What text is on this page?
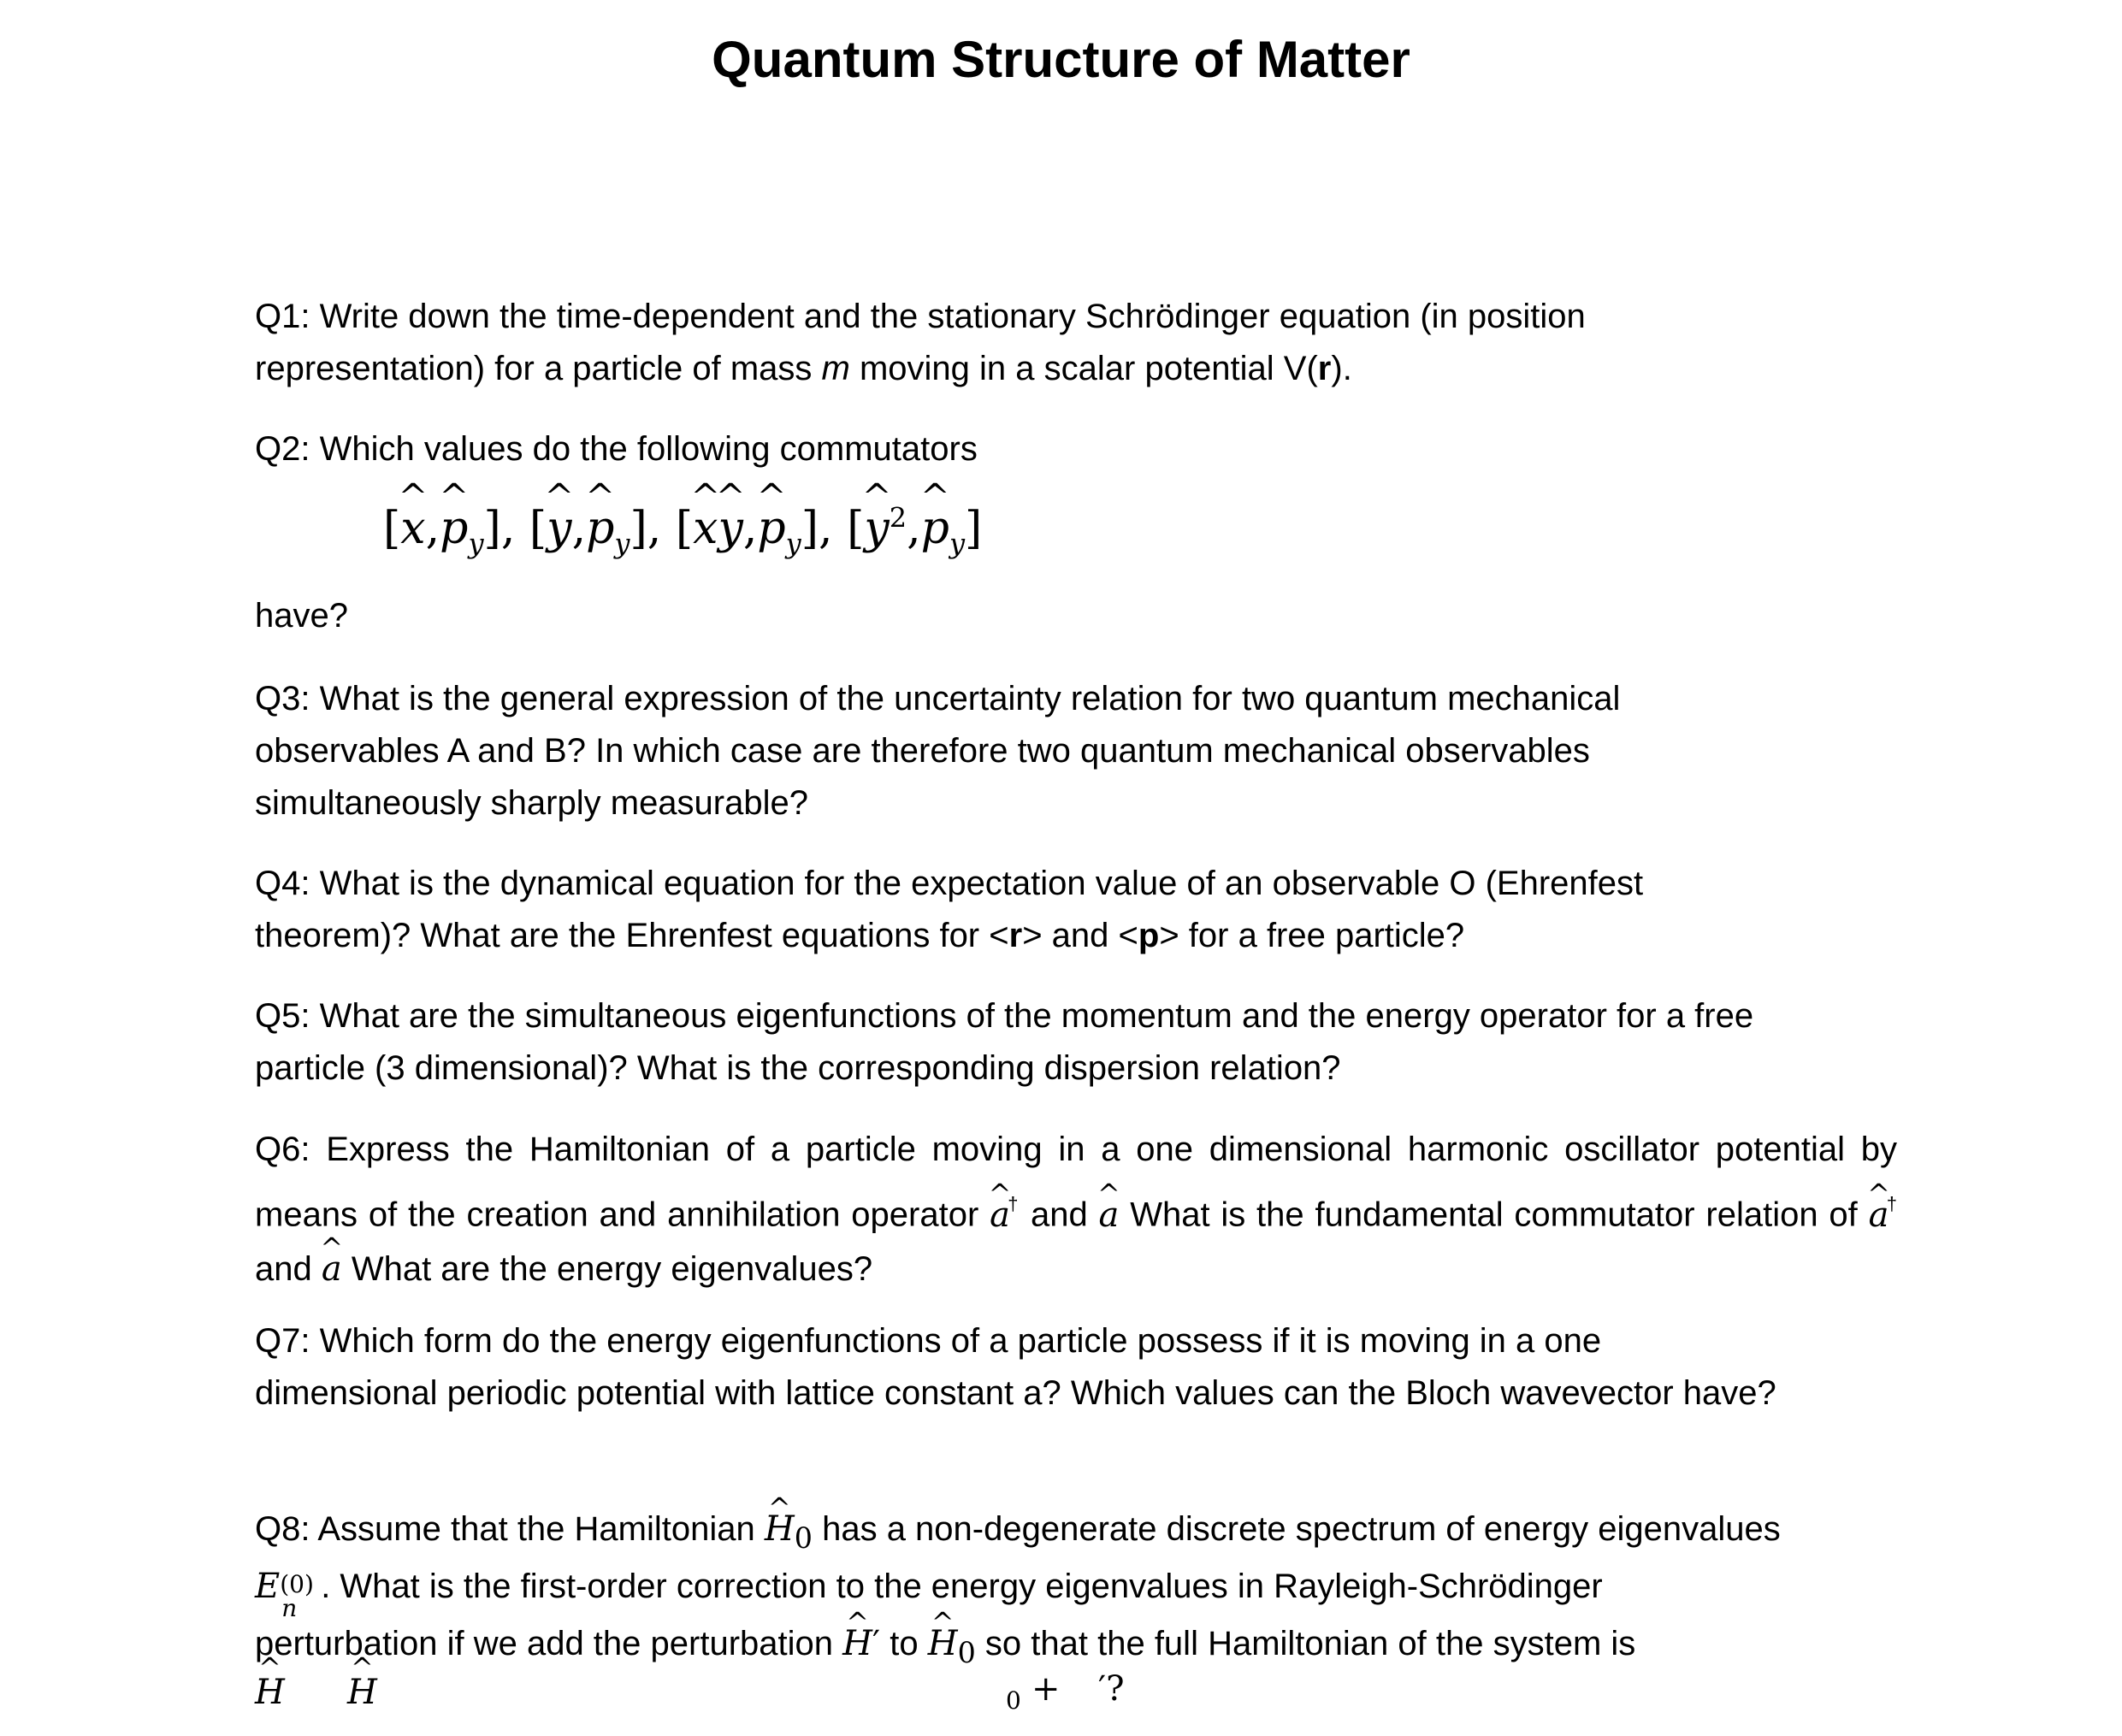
Quantum Structure of Matter

Q1: Write down the time-dependent and the stationary Schrödinger equation (in position
representation) for a particle of mass m moving in a scalar potential V(r).

Q2: Which values do the following commutators

[^ x,^ $p_y$], [^ y,^ $p_y$], [^ x^ y,^ $p_y$], [^ $y^2,\^{}$ $p_y$]

have?

Q3: What is the general expression of the uncertainty relation for two quantum mechanical
observables A and B? In which case are therefore two quantum mechanical observables
simultaneously sharply measurable?

Q4: What is the dynamical equation for the expectation value of an observable O (Ehrenfest
theorem)? What are the Ehrenfest equations for <r> and <p> for a free particle?

Q5: What are the simultaneous eigenfunctions of the momentum and the energy operator for a free
particle (3 dimensional)? What is the corresponding dispersion relation?

Q6: Express the Hamiltonian of a particle moving in a one dimensional harmonic oscillator potential by means of the creation and annihilation operator ^ a† and ^ a What is the fundamental commutator relation of ^ a† and ^ a What are the energy eigenvalues?

Q7: Which form do the energy eigenfunctions of a particle possess if it is moving in a one
dimensional periodic potential with lattice constant a? Which values can the Bloch wavevector have?

Q8: Assume that the Hamiltonian ^ $H_0$ has a non-degenerate discrete spectrum of energy eigenvalues
E (0)
n
. What is the first-order correction to the energy eigenvalues in Rayleigh-Schrödinger
perturbation if we add the perturbation ^ H′ to ^ $H_0$ so that the full Hamiltonian of the system is

^ H
^ H	0 + ′?
